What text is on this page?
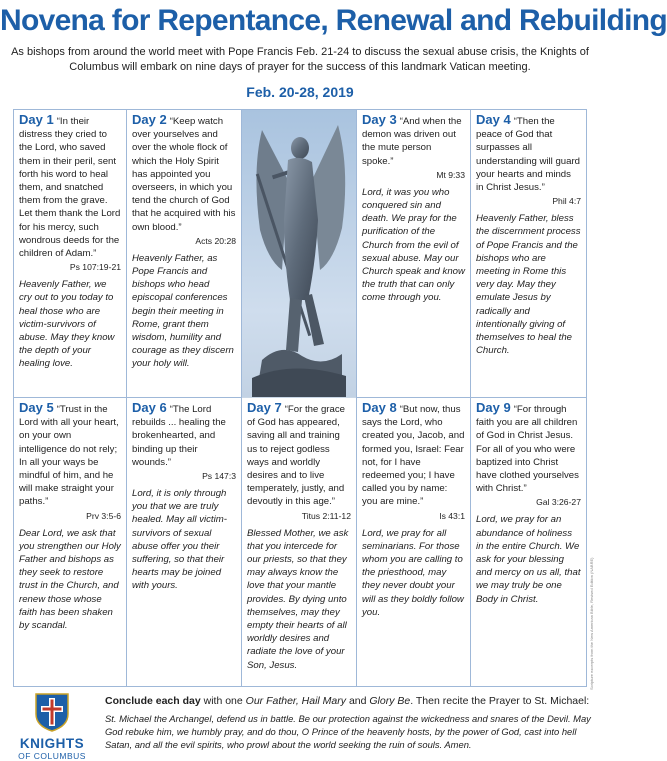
Novena for Repentance, Renewal and Rebuilding
As bishops from around the world meet with Pope Francis Feb. 21-24 to discuss the sexual abuse crisis, the Knights of Columbus will embark on nine days of prayer for the success of this landmark Vatican meeting.
Feb. 20-28, 2019
Day 1 “In their distress they cried to the Lord, who saved them in their peril, sent forth his word to heal them, and snatched them from the grave. Let them thank the Lord for his mercy, such wondrous deeds for the children of Adam.”
Ps 107:19-21
Heavenly Father, we cry out to you today to heal those who are victim-survivors of abuse. May they know the depth of your healing love.
Day 2 “Keep watch over yourselves and over the whole flock of which the Holy Spirit has appointed you overseers, in which you tend the church of God that he acquired with his own blood.”
Acts 20:28
Heavenly Father, as Pope Francis and bishops who head episcopal conferences begin their meeting in Rome, grant them wisdom, humility and courage as they discern your holy will.
Day 3 “And when the demon was driven out the mute person spoke.”
Mt 9:33
Lord, it was you who conquered sin and death. We pray for the purification of the Church from the evil of sexual abuse. May our Church speak and know the truth that can only come through you.
Day 4 “Then the peace of God that surpasses all understanding will guard your hearts and minds in Christ Jesus.”
Phil 4:7
Heavenly Father, bless the discernment process of Pope Francis and the bishops who are meeting in Rome this very day. May they emulate Jesus by radically and intentionally giving of themselves to heal the Church.
Day 5 “Trust in the Lord with all your heart, on your own intelligence do not rely; In all your ways be mindful of him, and he will make straight your paths.”
Prv 3:5-6
Dear Lord, we ask that you strengthen our Holy Father and bishops as they seek to restore trust in the Church, and renew those whose faith has been shaken by scandal.
Day 6 “The Lord rebuilds ... healing the brokenhearted, and binding up their wounds.”
Ps 147:3
Lord, it is only through you that we are truly healed. May all victim-survivors of sexual abuse offer you their suffering, so that their hearts may be joined with yours.
Day 7 “For the grace of God has appeared, saving all and training us to reject godless ways and worldly desires and to live temperately, justly, and devoutly in this age.”
Titus 2:11-12
Blessed Mother, we ask that you intercede for our priests, so that they may always know the love that your mantle provides. By dying unto themselves, may they empty their hearts of all worldly desires and radiate the love of your Son, Jesus.
Day 8 “But now, thus says the Lord, who created you, Jacob, and formed you, Israel: Fear not, for I have redeemed you; I have called you by name: you are mine.”
Is 43:1
Lord, we pray for all seminarians. For those whom you are calling to the priesthood, may they never doubt your will as they boldly follow you.
Day 9 “For through faith you are all children of God in Christ Jesus. For all of you who were baptized into Christ have clothed yourselves with Christ.”
Gal 3:26-27
Lord, we pray for an abundance of holiness in the entire Church. We ask for your blessing and mercy on us all, that we may truly be one Body in Christ.	Scripture excerpts from the New American Bible, Revised Edition (NABRE)
KNIGHTS
OF COLUMBUS
Conclude each day with one Our Father, Hail Mary and Glory Be. Then recite the Prayer to St. Michael:
St. Michael the Archangel, defend us in battle. Be our protection against the wickedness and snares of the Devil. May God rebuke him, we humbly pray, and do thou, O Prince of the heavenly hosts, by the power of God, cast into hell Satan, and all the evil spirits, who prowl about the world seeking the ruin of souls. Amen.
